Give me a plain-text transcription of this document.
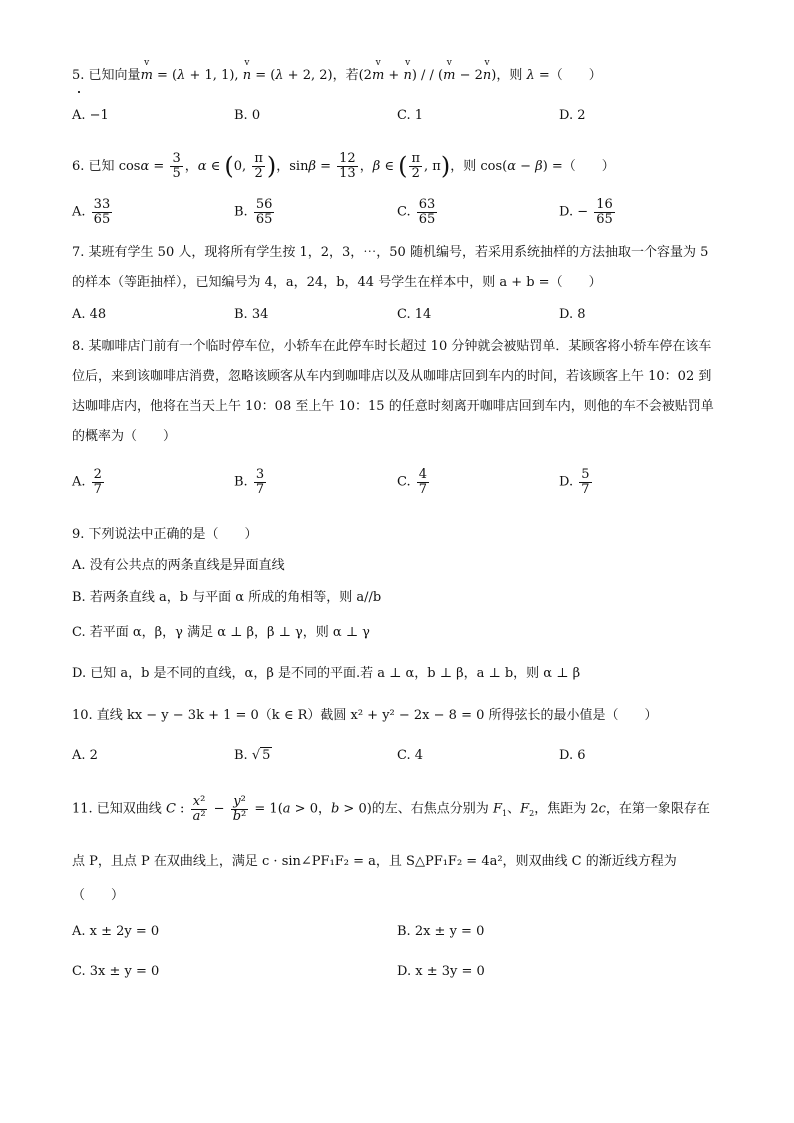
5. 已知向量v m = (λ + 1, 1), v n = (λ + 2, 2)，若(2v m + v n) / / (v m − 2v n)，则 λ =（　　）
A. −1	B. 0	C. 1	D. 2
6. 已知 $\cos\alpha = \frac{3}{5}$ ，α ∈ (0, $\frac{\pi}{2}$ )，$\sin\beta = \frac{12}{13}$ ，β ∈ ( $\frac{\pi}{2}$ , π)，则 cos(α − β) =（　　）
A. $\frac{33}{65}$	B. $\frac{56}{65}$	C. $\frac{63}{65}$	D. − $\frac{16}{65}$
7. 某班有学生 50 人，现将所有学生按 1，2，3，⋯，50 随机编号，若采用系统抽样的方法抽取一个容量为 5 的样本（等距抽样），已知编号为 4，a，24，b，44 号学生在样本中，则 a + b =（　　）
A. 48	B. 34	C. 14	D. 8
8. 某咖啡店门前有一个临时停车位，小轿车在此停车时长超过 10 分钟就会被贴罚单．某顾客将小轿车停在该车位后，来到该咖啡店消费，忽略该顾客从车内到咖啡店以及从咖啡店回到车内的时间，若该顾客上午 10：02 到达咖啡店内，他将在当天上午 10：08 至上午 10：15 的任意时刻离开咖啡店回到车内，则他的车不会被贴罚单的概率为（　　）
A. $\frac{2}{7}$	B. $\frac{3}{7}$	C. $\frac{4}{7}$	D. $\frac{5}{7}$
9. 下列说法中正确的是（　　）
A. 没有公共点的两条直线是异面直线
B. 若两条直线 a，b 与平面 α 所成的角相等，则 a//b
C. 若平面 α，β，γ 满足 α ⊥ β，β ⊥ γ，则 α ⊥ γ
D. 已知 a，b 是不同的直线，α，β 是不同的平面.若 a ⊥ α，b ⊥ β，a ⊥ b，则 α ⊥ β
10. 直线 kx − y − 3k + 1 = 0（k ∈ R）截圆 x² + y² − 2x − 8 = 0 所得弦长的最小值是（　　）
A. 2	B. √ 5	C. 4	D. 6
11. 已知双曲线 C : $\frac{\text{x²}}{\text{a²}} - \frac{\text{y²}}{\text{b²}} = 1(a > 0$，b > 0)的左、右焦点分别为 $F_1$、$F_2$，焦距为 2c，在第一象限存在
点 P，且点 P 在双曲线上，满足 c · sin∠PF₁F₂ = a，且 S△PF₁F₂ = 4a²，则双曲线 C 的渐近线方程为
（　　）
A. x ± 2y = 0	B. 2x ± y = 0
C. 3x ± y = 0	D. x ± 3y = 0
